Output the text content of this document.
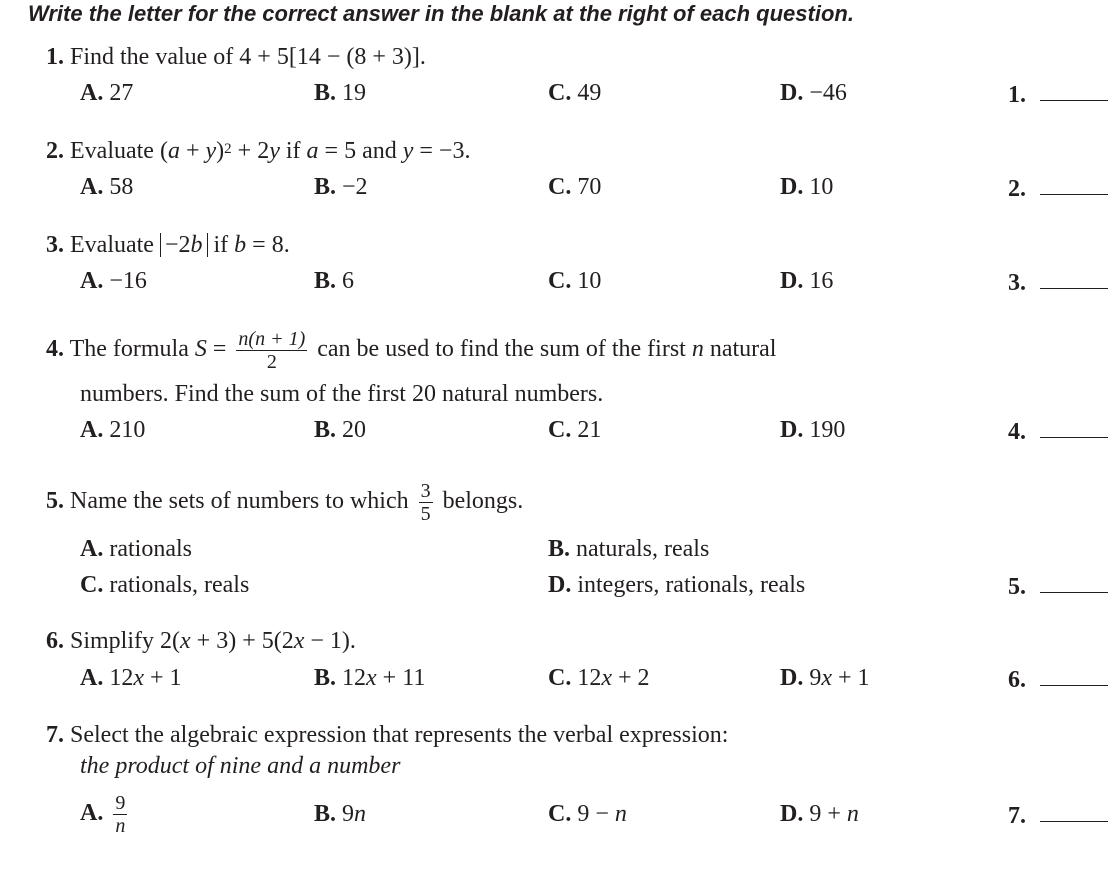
Write the letter for the correct answer in the blank at the right of each question.
1. Find the value of 4 + 5[14 − (8 + 3)].
A. 27	B. 19	C. 49	D. −46	1.
2. Evaluate $(a + y)^2 + 2y$ if a = 5 and y = −3.
A. 58	B. −2	C. 70	D. 10	2.
3. Evaluate −2b if b = 8.
A. −16	B. 6	C. 10	D. 16	3.
4. The formula $S = \frac{n(n + 1)}{2}$ can be used to find the sum of the first n natural
numbers. Find the sum of the first 20 natural numbers.
A. 210	B. 20	C. 21	D. 190	4.
5. Name the sets of numbers to which $\frac{3}{5}$ belongs.
A. rationals	B. naturals, reals
C. rationals, reals	D. integers, rationals, reals	5.
6. Simplify 2(x + 3) + 5(2x − 1).
A. 12x + 1	B. 12x + 11	C. 12x + 2	D. 9x + 1	6.
7. Select the algebraic expression that represents the verbal expression:
the product of nine and a number
A. $\frac{9}{n}$	B. 9n	C. 9 − n	D. 9 + n	7.
